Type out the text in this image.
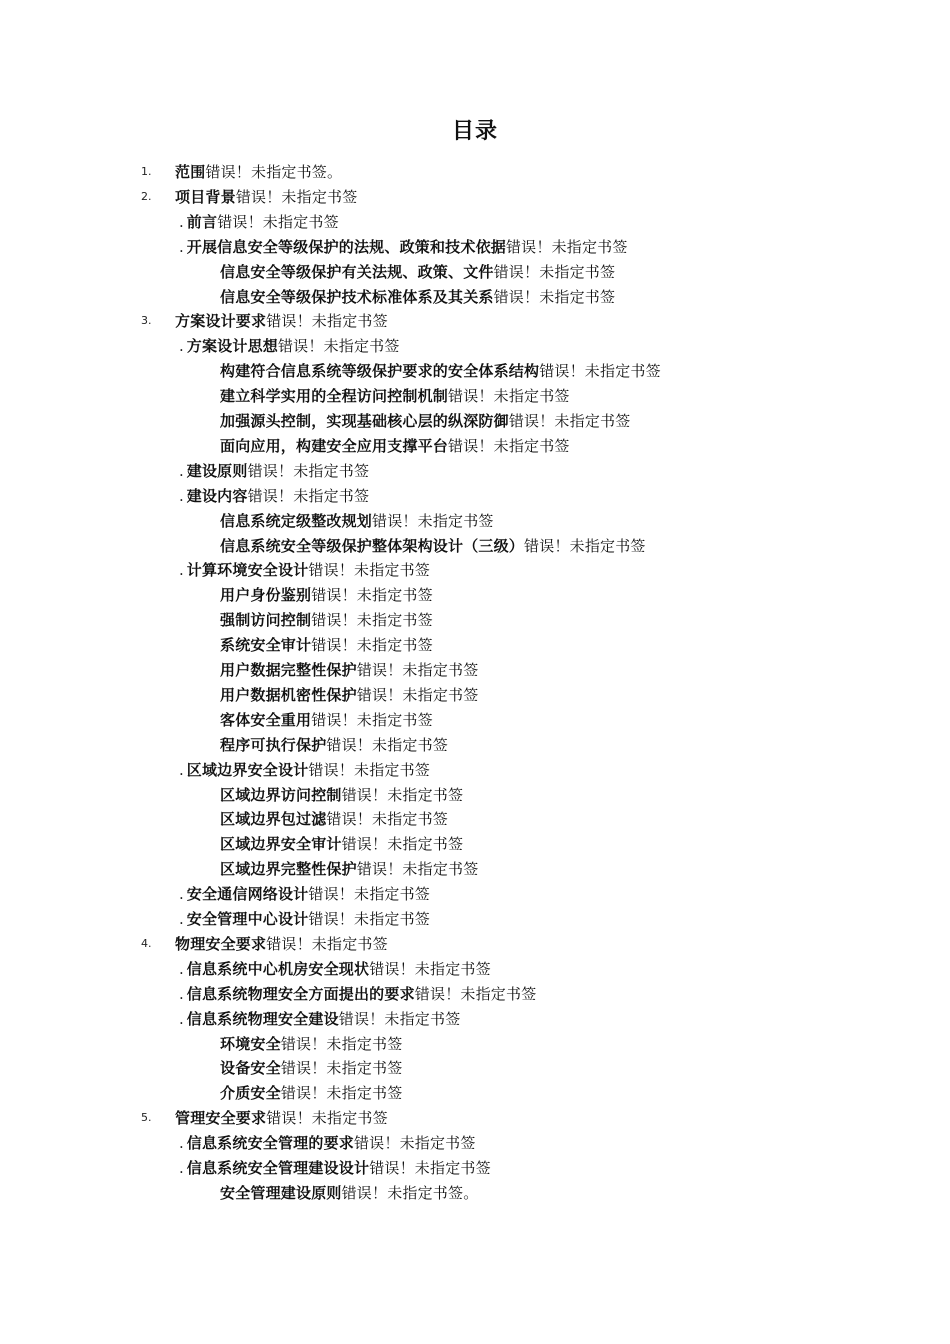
目录
1. 范围错误！未指定书签。
2. 项目背景错误！未指定书签
. 前言错误！未指定书签
. 开展信息安全等级保护的法规、政策和技术依据错误！未指定书签
信息安全等级保护有关法规、政策、文件错误！未指定书签
信息安全等级保护技术标准体系及其关系错误！未指定书签
3. 方案设计要求错误！未指定书签
. 方案设计思想错误！未指定书签
构建符合信息系统等级保护要求的安全体系结构错误！未指定书签
建立科学实用的全程访问控制机制错误！未指定书签
加强源头控制，实现基础核心层的纵深防御错误！未指定书签
面向应用，构建安全应用支撑平台错误！未指定书签
. 建设原则错误！未指定书签
. 建设内容错误！未指定书签
信息系统定级整改规划错误！未指定书签
信息系统安全等级保护整体架构设计（三级）错误！未指定书签
. 计算环境安全设计错误！未指定书签
用户身份鉴别错误！未指定书签
强制访问控制错误！未指定书签
系统安全审计错误！未指定书签
用户数据完整性保护错误！未指定书签
用户数据机密性保护错误！未指定书签
客体安全重用错误！未指定书签
程序可执行保护错误！未指定书签
. 区域边界安全设计错误！未指定书签
区域边界访问控制错误！未指定书签
区域边界包过滤错误！未指定书签
区域边界安全审计错误！未指定书签
区域边界完整性保护错误！未指定书签
. 安全通信网络设计错误！未指定书签
. 安全管理中心设计错误！未指定书签
4. 物理安全要求错误！未指定书签
. 信息系统中心机房安全现状错误！未指定书签
. 信息系统物理安全方面提出的要求错误！未指定书签
. 信息系统物理安全建设错误！未指定书签
环境安全错误！未指定书签
设备安全错误！未指定书签
介质安全错误！未指定书签
5. 管理安全要求错误！未指定书签
. 信息系统安全管理的要求错误！未指定书签
. 信息系统安全管理建设设计错误！未指定书签
安全管理建设原则错误！未指定书签。
